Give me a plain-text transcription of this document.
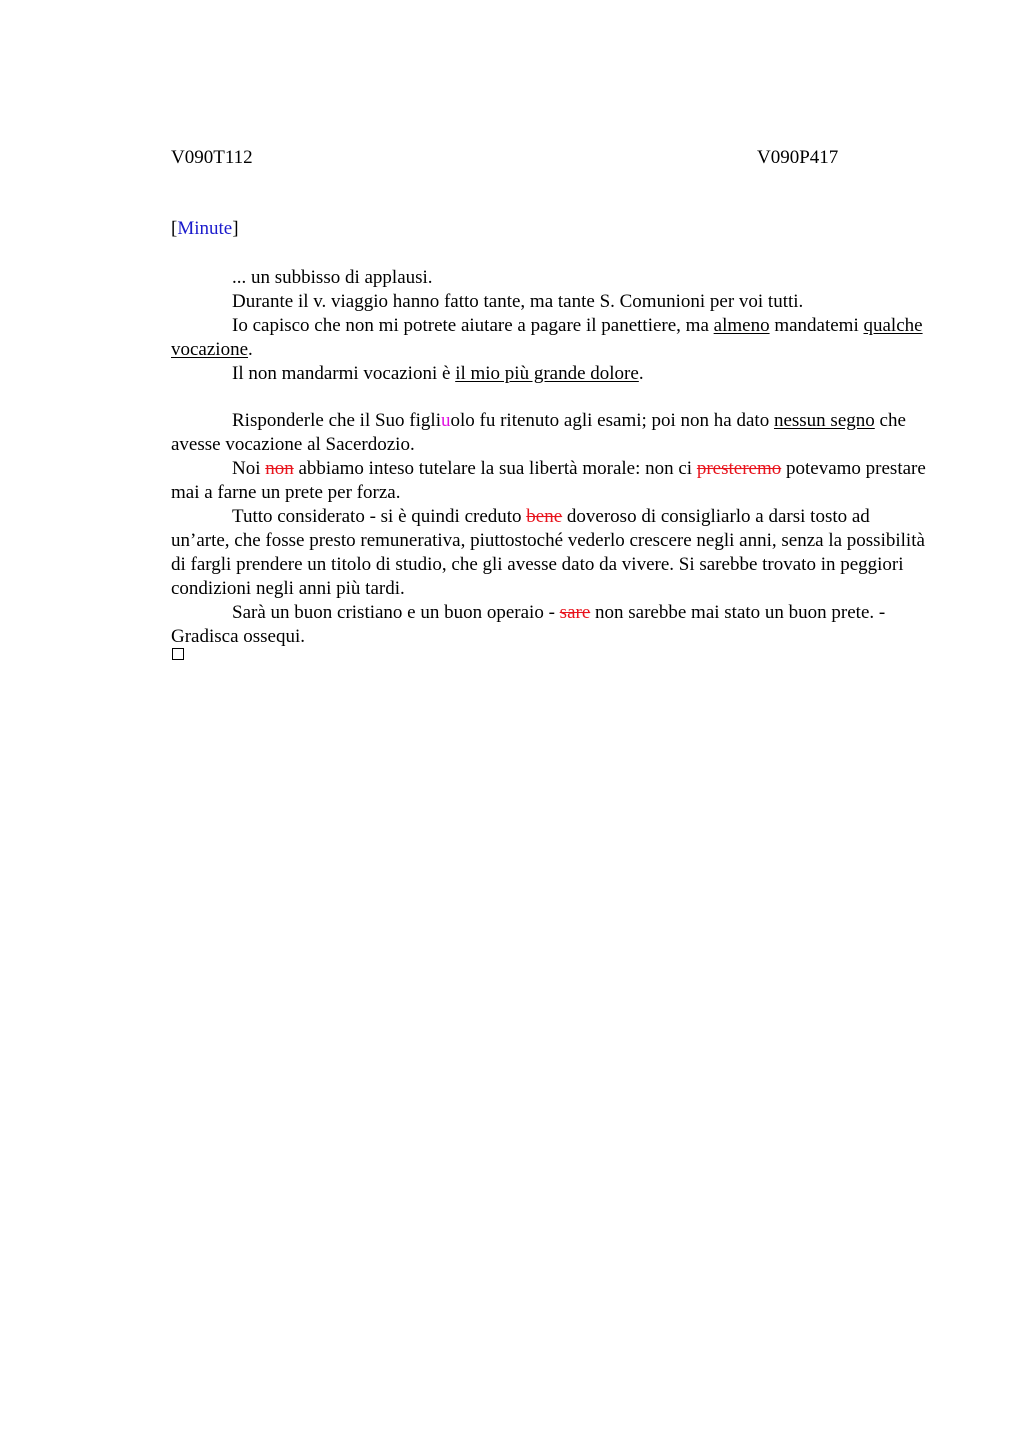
V090T112	V090P417
[Minute]

... un subbisso di applausi.

Durante il v. viaggio hanno fatto tante, ma tante S. Comunioni per voi tutti.

Io capisco che non mi potrete aiutare a pagare il panettiere, ma almeno mandatemi qualche vocazione.

Il non mandarmi vocazioni è il mio più grande dolore.

Risponderle che il Suo figliuolo fu ritenuto agli esami; poi non ha dato nessun segno che avesse vocazione al Sacerdozio.

Noi non abbiamo inteso tutelare la sua libertà morale: non ci presteremo potevamo prestare mai a farne un prete per forza.

Tutto considerato - si è quindi creduto bene doveroso di consigliarlo a darsi tosto ad un’arte, che fosse presto remunerativa, piuttostoché vederlo crescere negli anni, senza la possibilità di fargli prendere un titolo di studio, che gli avesse dato da vivere. Si sarebbe trovato in peggiori condizioni negli anni più tardi.

Sarà un buon cristiano e un buon operaio - sare non sarebbe mai stato un buon prete. - Gradisca ossequi.
